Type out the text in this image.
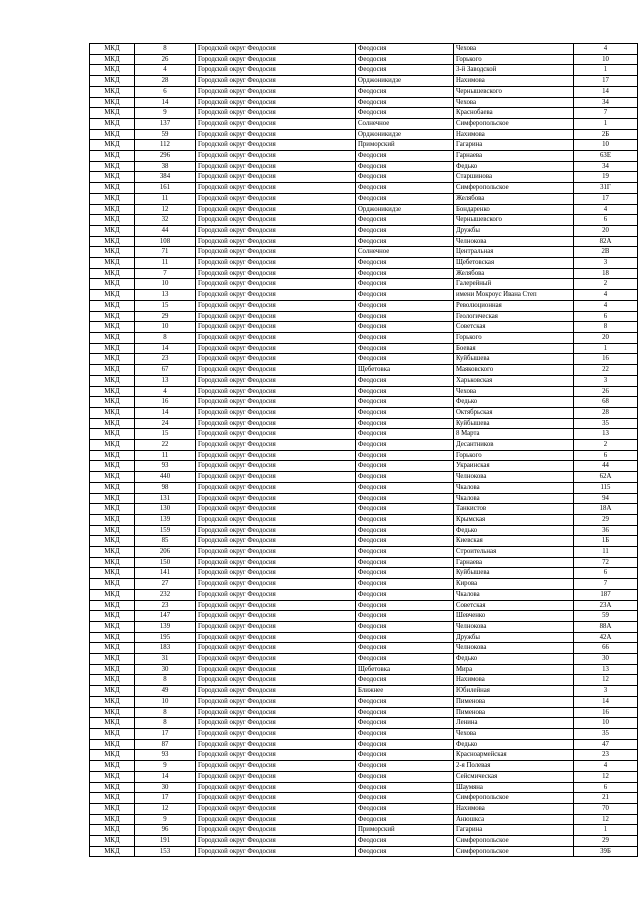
МКД	8	Городской округ Феодосия	Феодосия	Чехова	4
МКД	26	Городской округ Феодосия	Феодосия	Горького	10
МКД	4	Городской округ Феодосия	Феодосия	3-й Заводской	1
МКД	28	Городской округ Феодосия	Орджоникидзе	Нахимова	17
МКД	6	Городской округ Феодосия	Феодосия	Чернышевского	14
МКД	14	Городской округ Феодосия	Феодосия	Чехова	34
МКД	9	Городской округ Феодосия	Феодосия	Краснобаева	7
МКД	137	Городской округ Феодосия	Солнечное	Симферопольское	1
МКД	59	Городской округ Феодосия	Орджоникидзе	Нахимова	2Б
МКД	112	Городской округ Феодосия	Приморский	Гагарина	10
МКД	296	Городской округ Феодосия	Феодосия	Гарнаева	63Е
МКД	38	Городской округ Феодосия	Феодосия	Федько	34
МКД	384	Городской округ Феодосия	Феодосия	Старшинова	19
МКД	161	Городской округ Феодосия	Феодосия	Симферопольское	31Г
МКД	11	Городской округ Феодосия	Феодосия	Желябова	17
МКД	12	Городской округ Феодосия	Орджоникидзе	Бондаренко	4
МКД	32	Городской округ Феодосия	Феодосия	Чернышевского	6
МКД	44	Городской округ Феодосия	Феодосия	Дружбы	20
МКД	108	Городской округ Феодосия	Феодосия	Челнокова	82А
МКД	71	Городской округ Феодосия	Солнечное	Центральная	2В
МКД	11	Городской округ Феодосия	Феодосия	Щебетовская	3
МКД	7	Городской округ Феодосия	Феодосия	Желябова	18
МКД	10	Городской округ Феодосия	Феодосия	Галерейный	2
МКД	13	Городской округ Феодосия	Феодосия	имени Мокроус Ивана Степ	4
МКД	15	Городской округ Феодосия	Феодосия	Революционная	4
МКД	29	Городской округ Феодосия	Феодосия	Геологическая	6
МКД	10	Городской округ Феодосия	Феодосия	Советская	8
МКД	8	Городской округ Феодосия	Феодосия	Горького	20
МКД	14	Городской округ Феодосия	Феодосия	Боевая	1
МКД	23	Городской округ Феодосия	Феодосия	Куйбышева	16
МКД	67	Городской округ Феодосия	Щебетовка	Маяковского	22
МКД	13	Городской округ Феодосия	Феодосия	Харьковская	3
МКД	4	Городской округ Феодосия	Феодосия	Чехова	26
МКД	16	Городской округ Феодосия	Феодосия	Федько	68
МКД	14	Городской округ Феодосия	Феодосия	Октябрьская	28
МКД	24	Городской округ Феодосия	Феодосия	Куйбышева	35
МКД	15	Городской округ Феодосия	Феодосия	8 Марта	13
МКД	22	Городской округ Феодосия	Феодосия	Десантников	2
МКД	11	Городской округ Феодосия	Феодосия	Горького	6
МКД	93	Городской округ Феодосия	Феодосия	Украинская	44
МКД	440	Городской округ Феодосия	Феодосия	Челнокова	62А
МКД	98	Городской округ Феодосия	Феодосия	Чкалова	115
МКД	131	Городской округ Феодосия	Феодосия	Чкалова	94
МКД	130	Городской округ Феодосия	Феодосия	Танкистов	18А
МКД	139	Городской округ Феодосия	Феодосия	Крымская	29
МКД	159	Городской округ Феодосия	Феодосия	Федько	36
МКД	85	Городской округ Феодосия	Феодосия	Киевская	1Б
МКД	206	Городской округ Феодосия	Феодосия	Строительная	11
МКД	150	Городской округ Феодосия	Феодосия	Гарнаева	72
МКД	141	Городской округ Феодосия	Феодосия	Куйбышева	6
МКД	27	Городской округ Феодосия	Феодосия	Кирова	7
МКД	232	Городской округ Феодосия	Феодосия	Чкалова	187
МКД	23	Городской округ Феодосия	Феодосия	Советская	23А
МКД	147	Городской округ Феодосия	Феодосия	Шевченко	59
МКД	139	Городской округ Феодосия	Феодосия	Челнокова	88А
МКД	195	Городской округ Феодосия	Феодосия	Дружбы	42А
МКД	183	Городской округ Феодосия	Феодосия	Челнокова	66
МКД	31	Городской округ Феодосия	Феодосия	Федько	30
МКД	30	Городской округ Феодосия	Щебетовка	Мира	13
МКД	8	Городской округ Феодосия	Феодосия	Нахимова	12
МКД	49	Городской округ Феодосия	Ближнее	Юбилейная	3
МКД	10	Городской округ Феодосия	Феодосия	Пименова	14
МКД	8	Городской округ Феодосия	Феодосия	Пименова	16
МКД	8	Городской округ Феодосия	Феодосия	Ленина	10
МКД	17	Городской округ Феодосия	Феодосия	Чехова	35
МКД	87	Городской округ Феодосия	Феодосия	Федько	47
МКД	93	Городской округ Феодосия	Феодосия	Красноармейская	23
МКД	9	Городской округ Феодосия	Феодосия	2-я Полевая	4
МКД	14	Городской округ Феодосия	Феодосия	Сейсмическая	12
МКД	30	Городской округ Феодосия	Феодосия	Шаумяна	6
МКД	17	Городской округ Феодосия	Феодосия	Симферопольское	21
МКД	12	Городской округ Феодосия	Феодосия	Нахимова	70
МКД	9	Городской округ Феодосия	Феодосия	Анюшкса	12
МКД	96	Городской округ Феодосия	Приморский	Гагарина	1
МКД	191	Городской округ Феодосия	Феодосия	Симферопольское	29
МКД	153	Городской округ Феодосия	Феодосия	Симферопольское	39Б
